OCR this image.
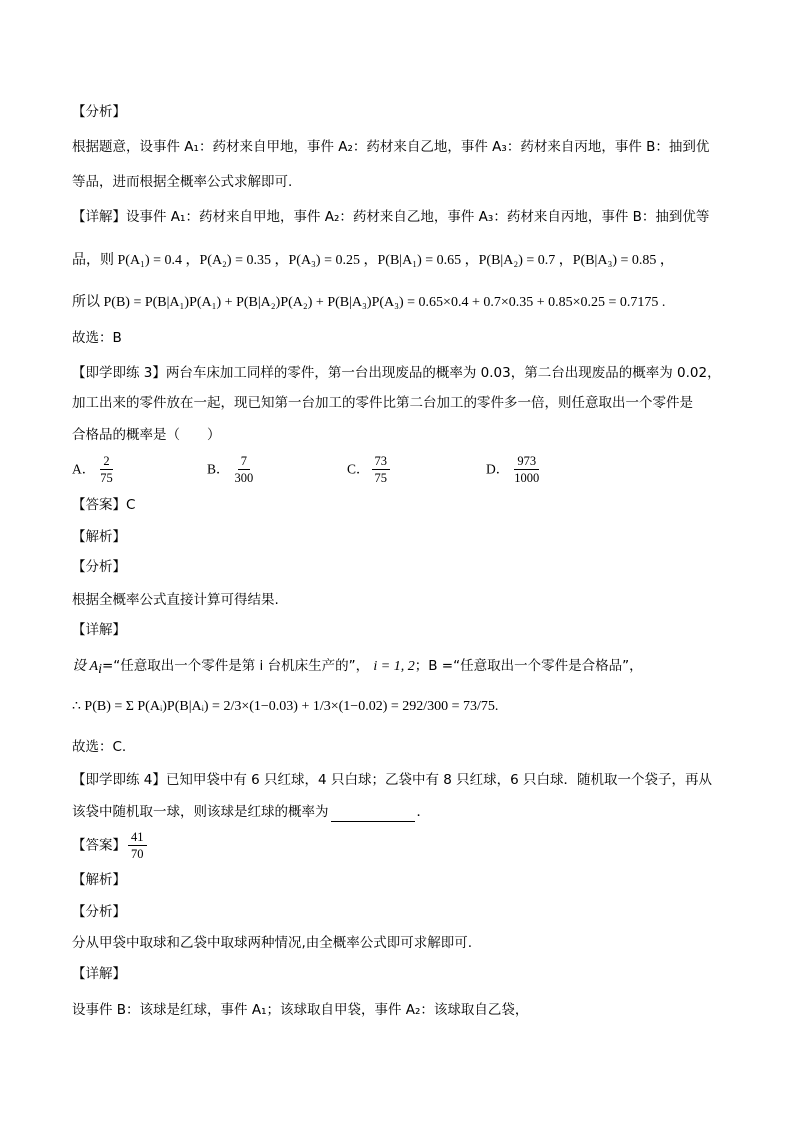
【分析】
根据题意，设事件 A₁：药材来自甲地，事件 A₂：药材来自乙地，事件 A₃：药材来自丙地，事件 B：抽到优
等品，进而根据全概率公式求解即可.
【详解】设事件 A₁：药材来自甲地，事件 A₂：药材来自乙地，事件 A₃：药材来自丙地，事件 B：抽到优等
品，则 P(A₁) = 0.4 ，P(A₂) = 0.35 ，P(A₃) = 0.25 ，P(B|A₁) = 0.65 ，P(B|A₂) = 0.7 ，P(B|A₃) = 0.85 ，
所以 P(B) = P(B|A₁)P(A₁) + P(B|A₂)P(A₂) + P(B|A₃)P(A₃) = 0.65×0.4 + 0.7×0.35 + 0.85×0.25 = 0.7175 .
故选：B
【即学即练 3】两台车床加工同样的零件，第一台出现废品的概率为 0.03，第二台出现废品的概率为 0.02，
加工出来的零件放在一起，现已知第一台加工的零件比第二台加工的零件多一倍，则任意取出一个零件是
合格品的概率是（　　）
A． $\frac{2}{75}$	B． $\frac{7}{300}$	C． $\frac{73}{75}$	D． $\frac{973}{1000}$
【答案】C
【解析】
【分析】
根据全概率公式直接计算可得结果.
【详解】
设 $A_i=“$任意取出一个零件是第 i 台机床生产的”， i = 1, 2；B =“任意取出一个零件是合格品”，
∴ P(B) = Σ P(Aᵢ)P(B|Aᵢ) = 2/3×(1−0.03) + 1/3×(1−0.02) = 292/300 = 73/75.
故选：C.
【即学即练 4】已知甲袋中有 6 只红球，4 只白球；乙袋中有 8 只红球，6 只白球．随机取一个袋子，再从
该袋中随机取一球，则该球是红球的概率为	．
【答案】 $\frac{41}{70}$
【解析】
【分析】
分从甲袋中取球和乙袋中取球两种情况,由全概率公式即可求解即可.
【详解】
设事件 B：该球是红球，事件 A₁；该球取自甲袋，事件 A₂：该球取自乙袋，
